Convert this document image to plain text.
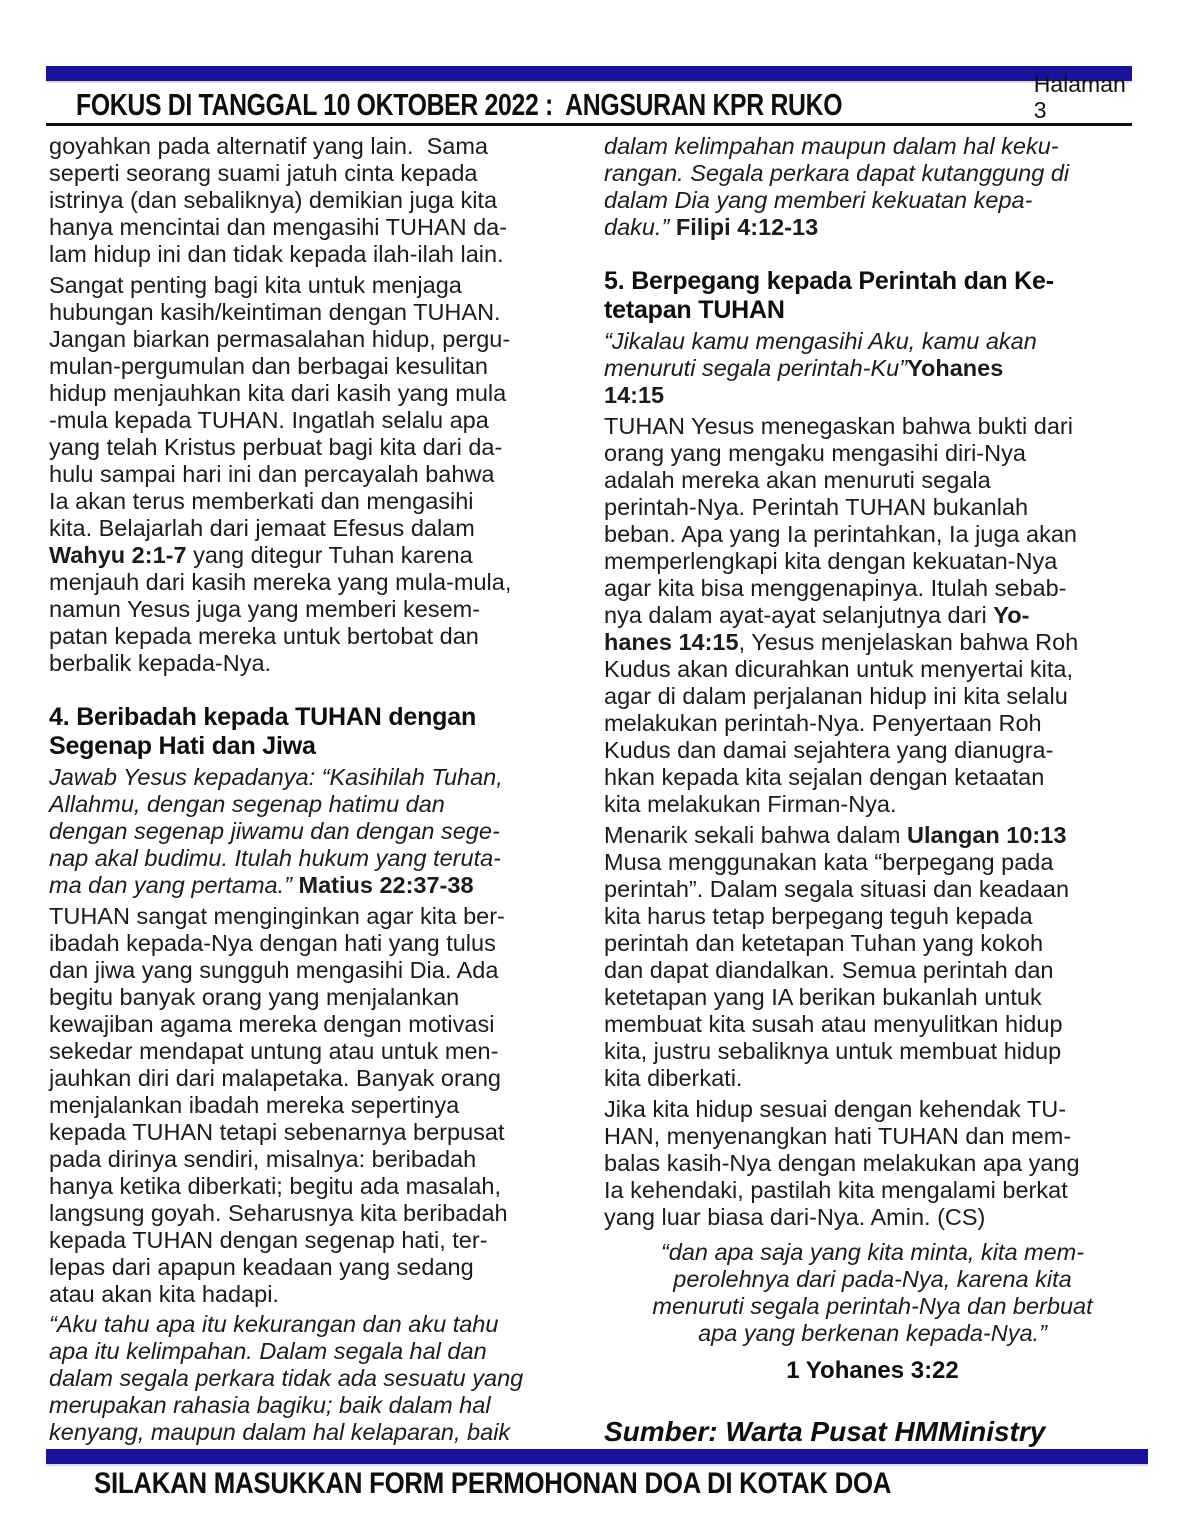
FOKUS DI TANGGAL 10 OKTOBER 2022 :  ANGSURAN KPR RUKO
Halaman 3
goyahkan pada alternatif yang lain.  Sama
seperti seorang suami jatuh cinta kepada
istrinya (dan sebaliknya) demikian juga kita
hanya mencintai dan mengasihi TUHAN da-
lam hidup ini dan tidak kepada ilah-ilah lain.
Sangat penting bagi kita untuk menjaga
hubungan kasih/keintiman dengan TUHAN.
Jangan biarkan permasalahan hidup, pergu-
mulan-pergumulan dan berbagai kesulitan
hidup menjauhkan kita dari kasih yang mula
-mula kepada TUHAN. Ingatlah selalu apa
yang telah Kristus perbuat bagi kita dari da-
hulu sampai hari ini dan percayalah bahwa
Ia akan terus memberkati dan mengasihi
kita. Belajarlah dari jemaat Efesus dalam
Wahyu 2:1-7 yang ditegur Tuhan karena
menjauh dari kasih mereka yang mula-mula,
namun Yesus juga yang memberi kesem-
patan kepada mereka untuk bertobat dan
berbalik kepada-Nya.
4. Beribadah kepada TUHAN dengan
Segenap Hati dan Jiwa
Jawab Yesus kepadanya: “Kasihilah Tuhan,
Allahmu, dengan segenap hatimu dan
dengan segenap jiwamu dan dengan sege-
nap akal budimu. Itulah hukum yang teruta-
ma dan yang pertama.” Matius 22:37-38
TUHAN sangat menginginkan agar kita ber-
ibadah kepada-Nya dengan hati yang tulus
dan jiwa yang sungguh mengasihi Dia. Ada
begitu banyak orang yang menjalankan
kewajiban agama mereka dengan motivasi
sekedar mendapat untung atau untuk men-
jauhkan diri dari malapetaka. Banyak orang
menjalankan ibadah mereka sepertinya
kepada TUHAN tetapi sebenarnya berpusat
pada dirinya sendiri, misalnya: beribadah
hanya ketika diberkati; begitu ada masalah,
langsung goyah. Seharusnya kita beribadah
kepada TUHAN dengan segenap hati, ter-
lepas dari apapun keadaan yang sedang
atau akan kita hadapi.
“Aku tahu apa itu kekurangan dan aku tahu
apa itu kelimpahan. Dalam segala hal dan
dalam segala perkara tidak ada sesuatu yang
merupakan rahasia bagiku; baik dalam hal
kenyang, maupun dalam hal kelaparan, baik
dalam kelimpahan maupun dalam hal keku-
rangan. Segala perkara dapat kutanggung di
dalam Dia yang memberi kekuatan kepa-
daku.” Filipi 4:12-13
5. Berpegang kepada Perintah dan Ke-
tetapan TUHAN
“Jikalau kamu mengasihi Aku, kamu akan
menuruti segala perintah-Ku”Yohanes
14:15
TUHAN Yesus menegaskan bahwa bukti dari
orang yang mengaku mengasihi diri-Nya
adalah mereka akan menuruti segala
perintah-Nya. Perintah TUHAN bukanlah
beban. Apa yang Ia perintahkan, Ia juga akan
memperlengkapi kita dengan kekuatan-Nya
agar kita bisa menggenapinya. Itulah sebab-
nya dalam ayat-ayat selanjutnya dari Yo-
hanes 14:15, Yesus menjelaskan bahwa Roh
Kudus akan dicurahkan untuk menyertai kita,
agar di dalam perjalanan hidup ini kita selalu
melakukan perintah-Nya. Penyertaan Roh
Kudus dan damai sejahtera yang dianugra-
hkan kepada kita sejalan dengan ketaatan
kita melakukan Firman-Nya.
Menarik sekali bahwa dalam Ulangan 10:13
Musa menggunakan kata “berpegang pada
perintah”. Dalam segala situasi dan keadaan
kita harus tetap berpegang teguh kepada
perintah dan ketetapan Tuhan yang kokoh
dan dapat diandalkan. Semua perintah dan
ketetapan yang IA berikan bukanlah untuk
membuat kita susah atau menyulitkan hidup
kita, justru sebaliknya untuk membuat hidup
kita diberkati.
Jika kita hidup sesuai dengan kehendak TU-
HAN, menyenangkan hati TUHAN dan mem-
balas kasih-Nya dengan melakukan apa yang
Ia kehendaki, pastilah kita mengalami berkat
yang luar biasa dari-Nya. Amin. (CS)
“dan apa saja yang kita minta, kita mem-
perolehnya dari pada-Nya, karena kita
menuruti segala perintah-Nya dan berbuat
apa yang berkenan kepada-Nya.”
1 Yohanes 3:22
Sumber: Warta Pusat HMMinistry
SILAKAN MASUKKAN FORM PERMOHONAN DOA DI KOTAK DOA
